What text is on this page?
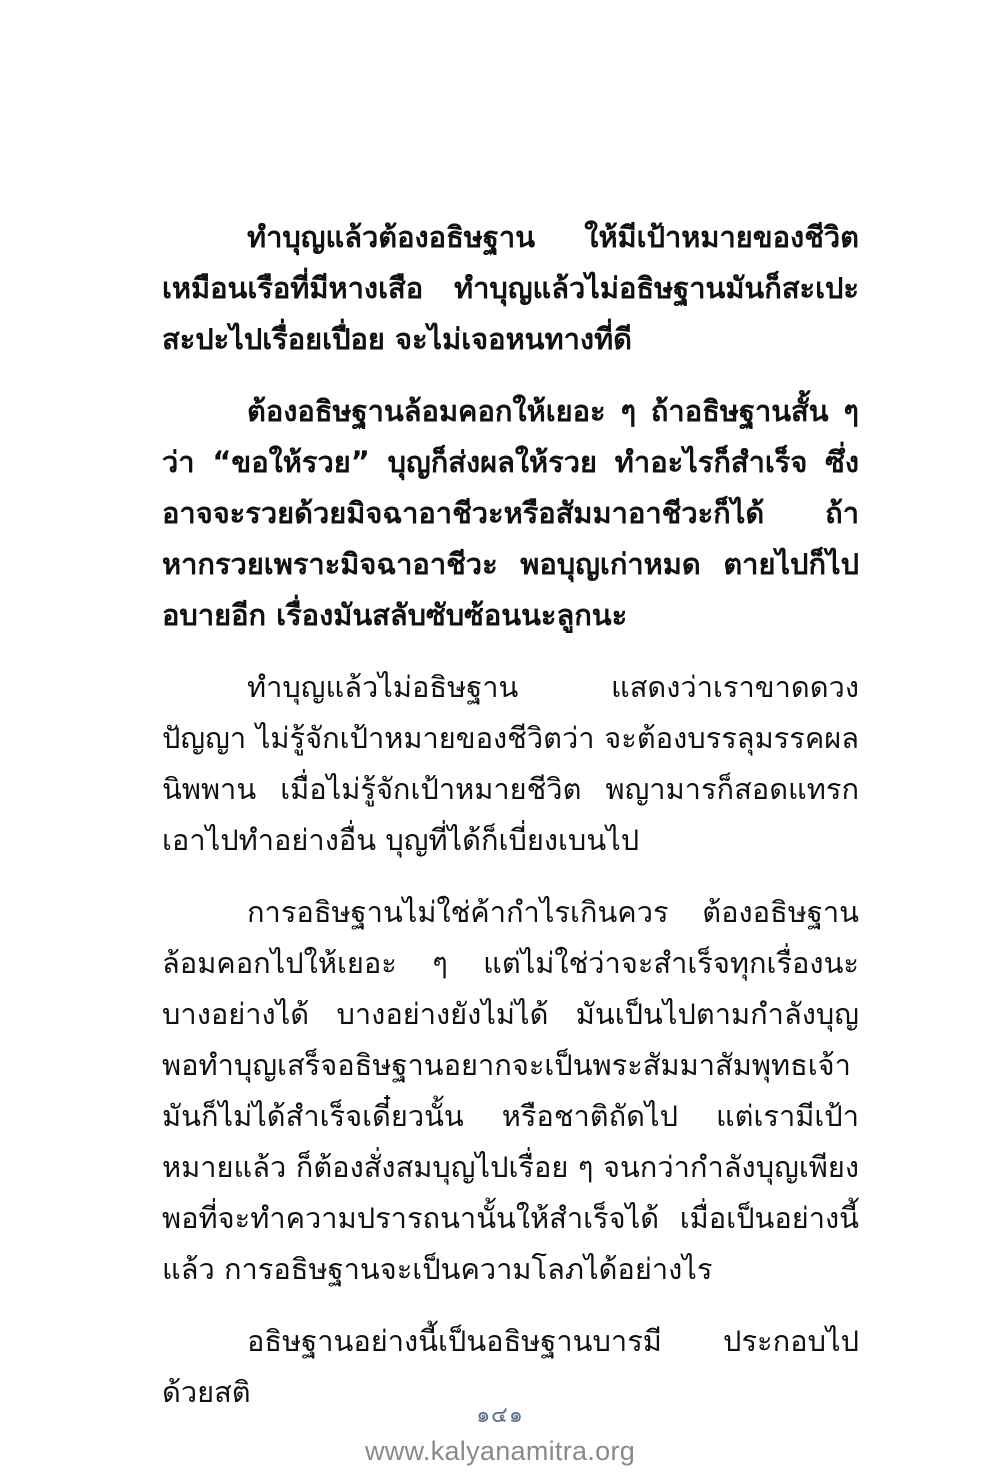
ทำบุญแล้วต้องอธิษฐาน ให้มีเป้าหมายของชีวิต เหมือนเรือที่มีหางเสือ ทำบุญแล้วไม่อธิษฐานมันก็สะเปะสะปะไปเรื่อยเปื่อย จะไม่เจอหนทางที่ดี

ต้องอธิษฐานล้อมคอกให้เยอะ ๆ ถ้าอธิษฐานสั้น ๆ ว่า “ขอให้รวย” บุญก็ส่งผลให้รวย ทำอะไรก็สำเร็จ ซึ่งอาจจะรวยด้วยมิจฉาอาชีวะหรือสัมมาอาชีวะก็ได้ ถ้าหากรวยเพราะมิจฉาอาชีวะ พอบุญเก่าหมด ตายไปก็ไปอบายอีก เรื่องมันสลับซับซ้อนนะลูกนะ

ทำบุญแล้วไม่อธิษฐาน แสดงว่าเราขาดดวงปัญญา ไม่รู้จักเป้าหมายของชีวิตว่า จะต้องบรรลุมรรคผลนิพพาน เมื่อไม่รู้จักเป้าหมายชีวิต พญามารก็สอดแทรกเอาไปทำอย่างอื่น บุญที่ได้ก็เบี่ยงเบนไป

การอธิษฐานไม่ใช่ค้ากำไรเกินควร ต้องอธิษฐานล้อมคอกไปให้เยอะ ๆ แต่ไม่ใช่ว่าจะสำเร็จทุกเรื่องนะ บางอย่างได้ บางอย่างยังไม่ได้ มันเป็นไปตามกำลังบุญ พอทำบุญเสร็จอธิษฐานอยากจะเป็นพระสัมมาสัมพุทธเจ้า มันก็ไม่ได้สำเร็จเดี๋ยวนั้น หรือชาติถัดไป แต่เรามีเป้าหมายแล้ว ก็ต้องสั่งสมบุญไปเรื่อย ๆ จนกว่ากำลังบุญเพียงพอที่จะทำความปรารถนานั้นให้สำเร็จได้ เมื่อเป็นอย่างนี้แล้ว การอธิษฐานจะเป็นความโลภได้อย่างไร

อธิษฐานอย่างนี้เป็นอธิษฐานบารมี ประกอบไปด้วยสติ

๑๔๑
www.kalyanamitra.org
